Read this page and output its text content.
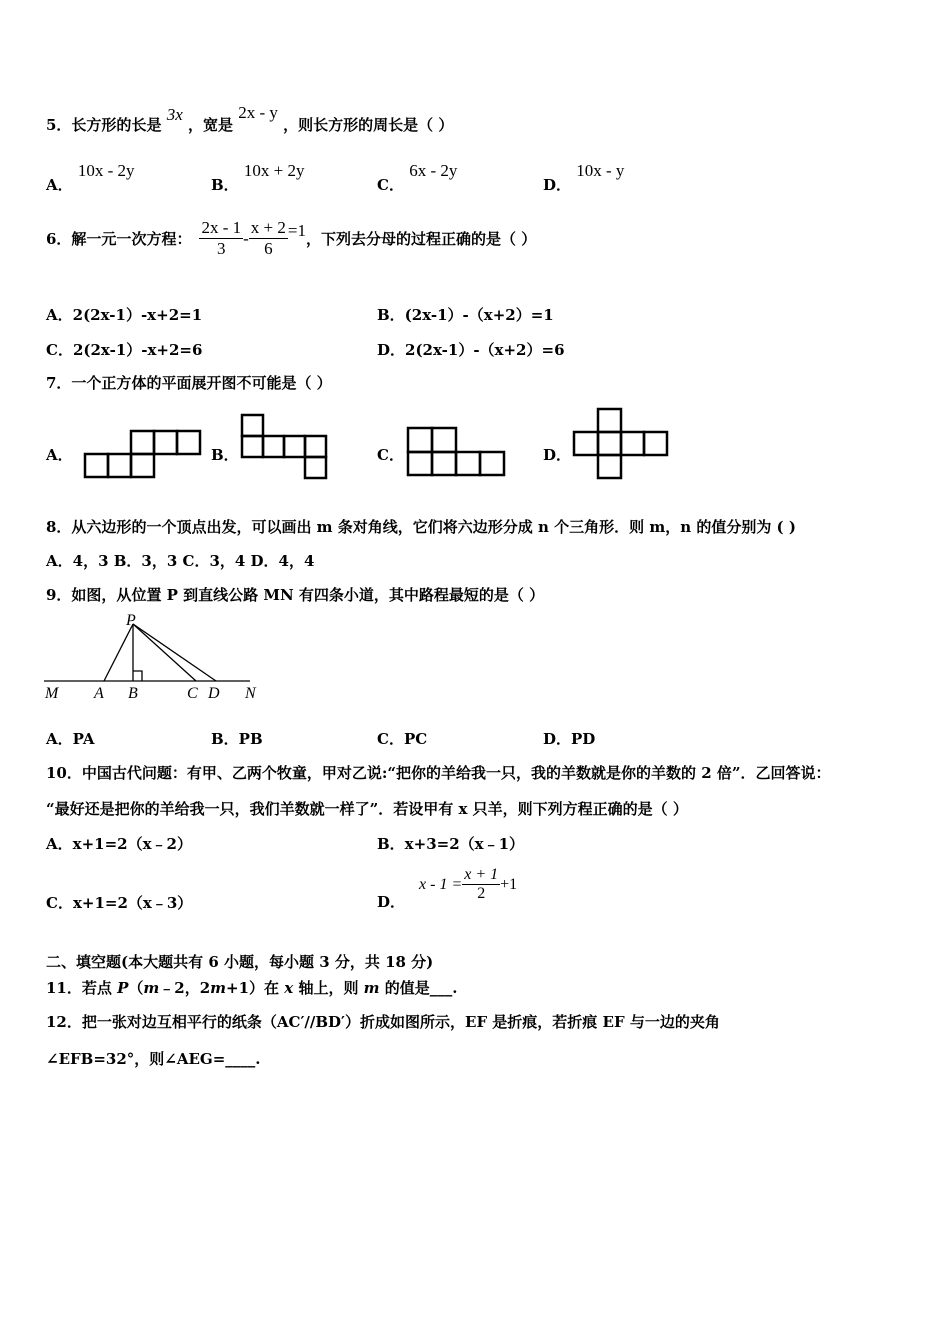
5．长方形的长是 3x ，宽是 2x - y ，则长方形的周长是（ ）
A． 10x - 2y
B． 10x + 2y
C． 6x - 2y
D． 10x - y
6．解一元一次方程： $\frac{2x - 1}{3} - \frac{x + 2}{6} =1$ ，下列去分母的过程正确的是（ ）
A．2(2x-1）-x+2=1	B．(2x-1）-（x+2）=1
C．2(2x-1）-x+2=6	D．2(2x-1）-（x+2）=6
7．一个正方体的平面展开图不可能是（ ）
A．	B．	C．	D．
8．从六边形的一个顶点出发，可以画出 m 条对角线，它们将六边形分成 n 个三角形．则 m，n 的值分别为 ( )
A．4，3 B．3，3 C．3，4 D．4，4
9．如图，从位置 P 到直线公路 MN 有四条小道，其中路程最短的是（ ）
P
M A B	C D N
A．PA	B．PB	C．PC	D．PD
10．中国古代问题：有甲、乙两个牧童，甲对乙说:“把你的羊给我一只，我的羊数就是你的羊数的 2 倍”．乙回答说：
“最好还是把你的羊给我一只，我们羊数就一样了”．若设甲有 x 只羊，则下列方程正确的是（ ）
A．x+1=2（x﹣2）	B．x+3=2（x﹣1）
C．x+1=2（x﹣3）	D．
$x - 1 = \frac{x + 1}{2} +1$
二、填空题(本大题共有 6 小题，每小题 3 分，共 18 分)
11．若点 P（m﹣2，2m+1）在 x 轴上，则 m 的值是___.
12．把一张对边互相平行的纸条（AC′//BD′）折成如图所示，EF 是折痕，若折痕 EF 与一边的夹角
∠EFB=32°，则∠AEG=____.
